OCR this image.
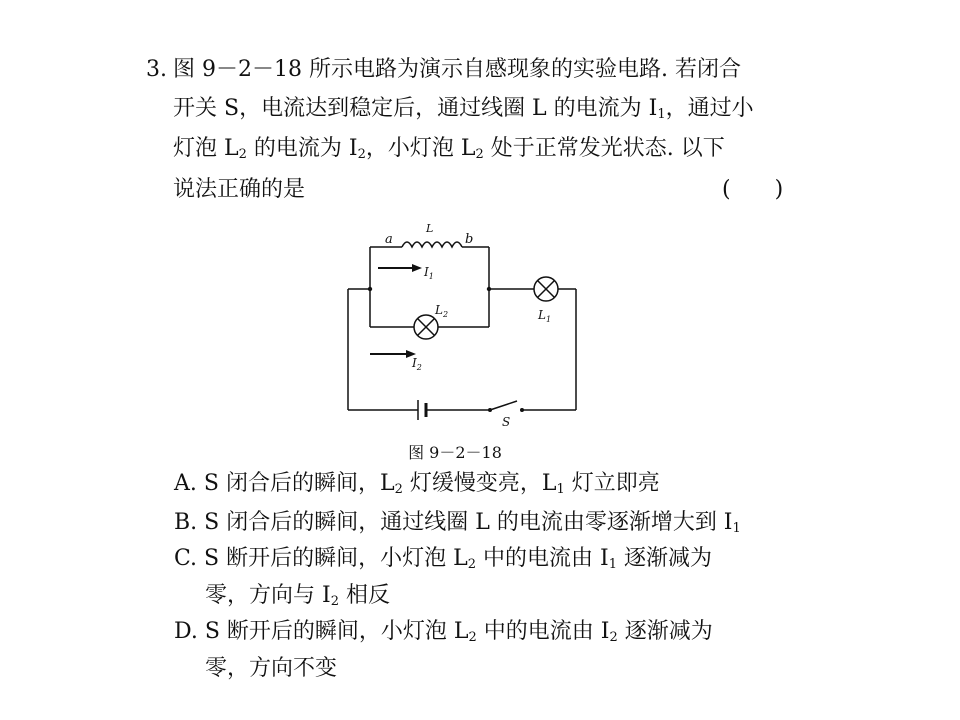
3. 图 9－2－18 所示电路为演示自感现象的实验电路. 若闭合
开关 S，电流达到稳定后，通过线圈 L 的电流为 $I_1$，通过小
灯泡 $L_2$ 的电流为 $I_2$，小灯泡 $L_2$ 处于正常发光状态. 以下
说法正确的是	(　　)
a	b
L
$I_1$
$L_2$	$L_1$
$I_2$
S
图 9－2－18
A. S 闭合后的瞬间，$L_2$ 灯缓慢变亮，$L_1$ 灯立即亮
B. S 闭合后的瞬间，通过线圈 L 的电流由零逐渐增大到 $I_1$
C. S 断开后的瞬间，小灯泡 $L_2$ 中的电流由 $I_1$ 逐渐减为
零，方向与 $I_2$ 相反
D. S 断开后的瞬间，小灯泡 $L_2$ 中的电流由 $I_2$ 逐渐减为
零，方向不变
